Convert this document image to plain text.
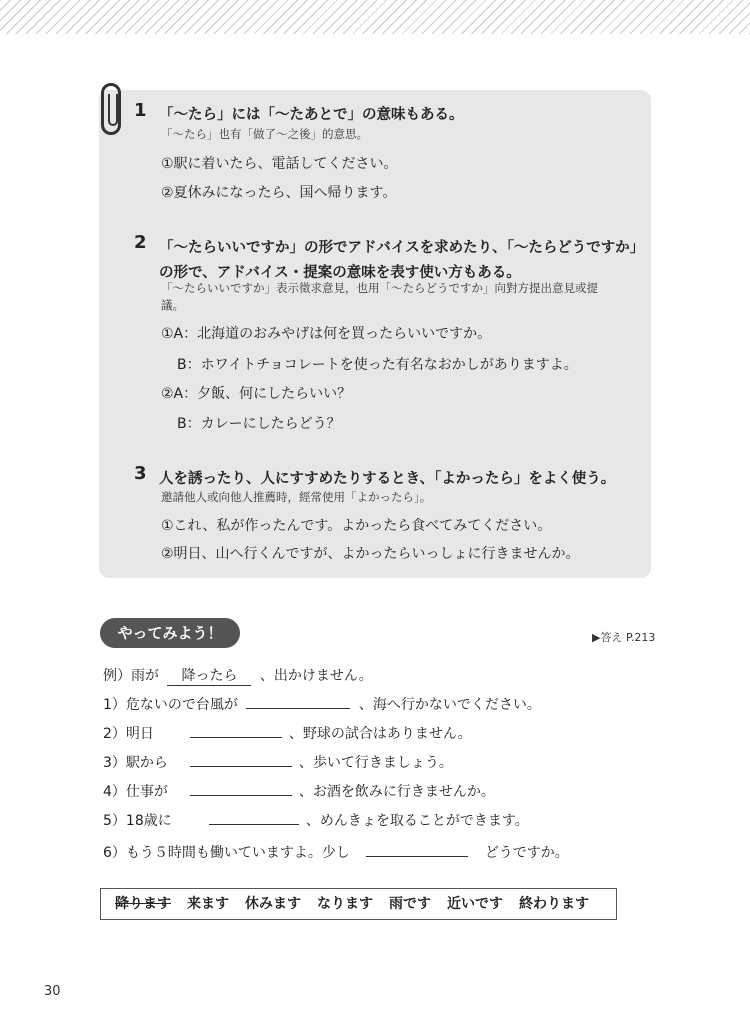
1 「～たら」には「～たあとで」の意味もある。
「～たら」也有「做了～之後」的意思。
①駅に着いたら、電話してください。
②夏休みになったら、国へ帰ります。
2 「～たらいいですか」の形でアドバイスを求めたり、「～たらどうですか」
の形で、アドバイス・提案の意味を表す使い方もある。
「～たらいいですか」表示徵求意見，也用「～たらどうですか」向對方提出意見或提
議。
①A：北海道のおみやげは何を買ったらいいですか。
B：ホワイトチョコレートを使った有名なおかしがありますよ。
②A：夕飯、何にしたらいい？
B：カレーにしたらどう？
3 人を誘ったり、人にすすめたりするとき、「よかったら」をよく使う。
邀請他人或向他人推薦時，經常使用「よかったら」。
①これ、私が作ったんです。よかったら食べてみてください。
②明日、山へ行くんですが、よかったらいっしょに行きませんか。
やってみよう！	▶答え P.213
例）雨が 降ったら 、出かけません。
1）危ないので台風が	、海へ行かないでください。
2）明日	、野球の試合はありません。
3）駅から	、歩いて行きましょう。
4）仕事が	、お酒を飲みに行きませんか。
5）18歳に	、めんきょを取ることができます。
6）もう５時間も働いていますよ。少し	どうですか。
降ります 来ます 休みます なります 雨です 近いです 終わります
30
